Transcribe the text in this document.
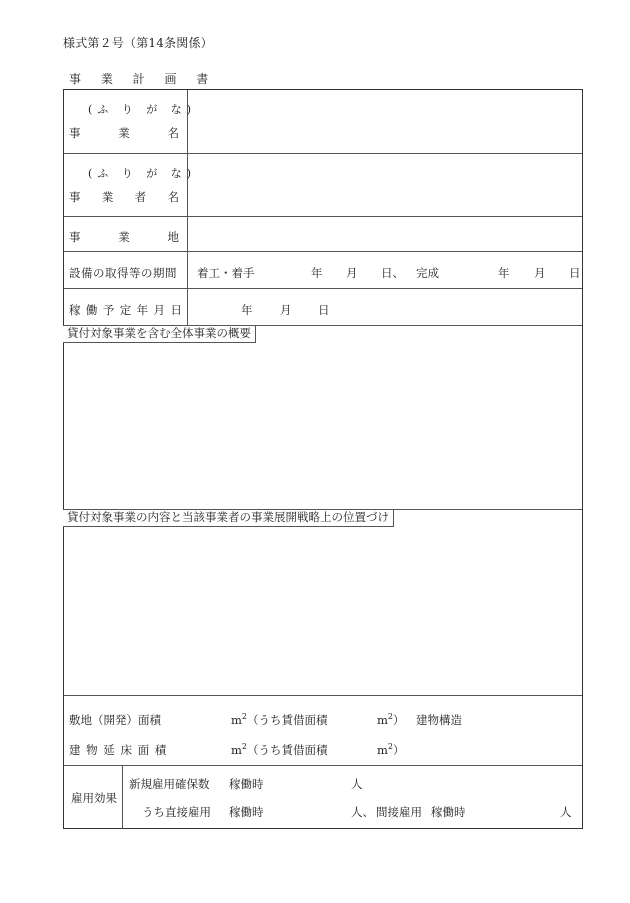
様式第２号（第14条関係）
事 業 計 画 書
(ふ り が な)
事	業	名
(ふ り が な)
事 業 者 名
事	業	地
設備の取得等の期間 着工・着手	年 月 日、 完成	年 月 日
稼 働 予 定 年 月 日	年 月 日
貸付対象事業を含む全体事業の概要
貸付対象事業の内容と当該事業者の事業展開戦略上の位置づけ
敷地（開発）面積	$m^2$ （うち賃借面積	$m^2$） 建物構造
建 物 延 床 面 積	$m^2$ （うち賃借面積	$m^2$）
雇用効果
新規雇用確保数 稼働時	人
うち直接雇用 稼働時	人、 間接雇用 稼働時	人
